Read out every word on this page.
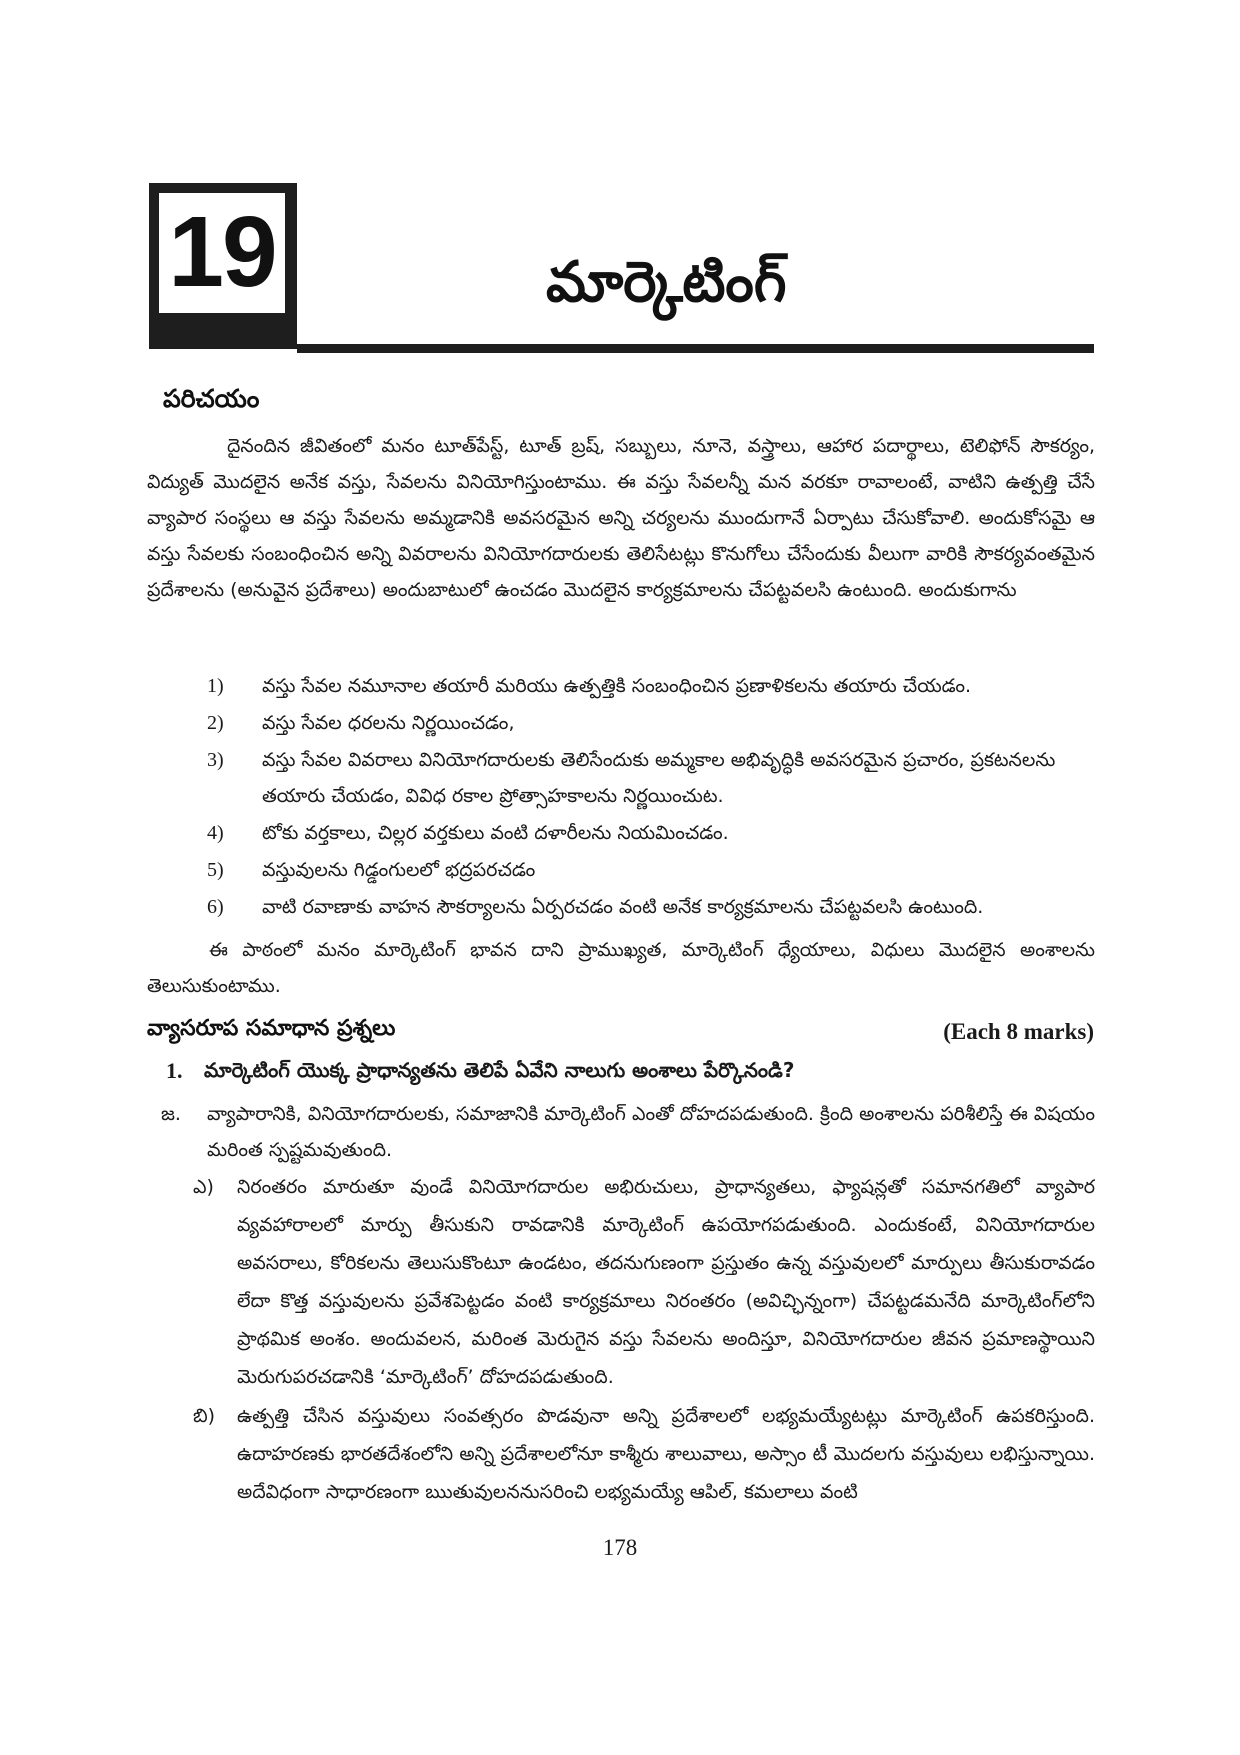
19	మార్కెటింగ్
పరిచయం

దైనందిన జీవితంలో మనం టూత్‌పేస్ట్, టూత్ బ్రష్, సబ్బులు, నూనె, వస్త్రాలు, ఆహార పదార్థాలు, టెలిఫోన్ సౌకర్యం, విద్యుత్ మొదలైన అనేక వస్తు, సేవలను వినియోగిస్తుంటాము. ఈ వస్తు సేవలన్నీ మన వరకూ రావాలంటే, వాటిని ఉత్పత్తి చేసే వ్యాపార సంస్థలు ఆ వస్తు సేవలను అమ్మడానికి అవసరమైన అన్ని చర్యలను ముందుగానే ఏర్పాటు చేసుకోవాలి. అందుకోసమై ఆ వస్తు సేవలకు సంబంధించిన అన్ని వివరాలను వినియోగదారులకు తెలిసేటట్లు కొనుగోలు చేసేందుకు వీలుగా వారికి సౌకర్యవంతమైన ప్రదేశాలను (అనువైన ప్రదేశాలు) అందుబాటులో ఉంచడం మొదలైన కార్యక్రమాలను చేపట్టవలసి ఉంటుంది. అందుకుగాను

1)	వస్తు సేవల నమూనాల తయారీ మరియు ఉత్పత్తికి సంబంధించిన ప్రణాళికలను తయారు చేయడం.
2)	వస్తు సేవల ధరలను నిర్ణయించడం,
3)	వస్తు సేవల వివరాలు వినియోగదారులకు తెలిసేందుకు అమ్మకాల అభివృద్ధికి అవసరమైన ప్రచారం, ప్రకటనలను తయారు చేయడం, వివిధ రకాల ప్రోత్సాహకాలను నిర్ణయించుట.
4)	టోకు వర్తకాలు, చిల్లర వర్తకులు వంటి దళారీలను నియమించడం.
5)	వస్తువులను గిడ్డంగులలో భద్రపరచడం
6)	వాటి రవాణాకు వాహన సౌకర్యాలను ఏర్పరచడం వంటి అనేక కార్యక్రమాలను చేపట్టవలసి ఉంటుంది.

ఈ పాఠంలో మనం మార్కెటింగ్ భావన దాని ప్రాముఖ్యత, మార్కెటింగ్ ధ్యేయాలు, విధులు మొదలైన అంశాలను తెలుసుకుంటాము.

వ్యాసరూప సమాధాన ప్రశ్నలు	(Each 8 marks)
1.	మార్కెటింగ్ యొక్క ప్రాధాన్యతను తెలిపే ఏవేని నాలుగు అంశాలు పేర్కొనండి?
జ.	వ్యాపారానికి, వినియోగదారులకు, సమాజానికి మార్కెటింగ్ ఎంతో దోహదపడుతుంది. క్రింది అంశాలను పరిశీలిస్తే ఈ విషయం మరింత స్పష్టమవుతుంది.
ఎ)	నిరంతరం మారుతూ వుండే వినియోగదారుల అభిరుచులు, ప్రాధాన్యతలు, ఫ్యాషన్లతో సమానగతిలో వ్యాపార వ్యవహారాలలో మార్పు తీసుకుని రావడానికి మార్కెటింగ్ ఉపయోగపడుతుంది. ఎందుకంటే, వినియోగదారుల అవసరాలు, కోరికలను తెలుసుకొంటూ ఉండటం, తదనుగుణంగా ప్రస్తుతం ఉన్న వస్తువులలో మార్పులు తీసుకురావడం లేదా కొత్త వస్తువులను ప్రవేశపెట్టడం వంటి కార్యక్రమాలు నిరంతరం (అవిచ్ఛిన్నంగా) చేపట్టడమనేది మార్కెటింగ్‌లోని ప్రాథమిక అంశం. అందువలన, మరింత మెరుగైన వస్తు సేవలను అందిస్తూ, వినియోగదారుల జీవన ప్రమాణస్థాయిని మెరుగుపరచడానికి ‘మార్కెటింగ్’ దోహదపడుతుంది.
బి)	ఉత్పత్తి చేసిన వస్తువులు సంవత్సరం పొడవునా అన్ని ప్రదేశాలలో లభ్యమయ్యేటట్లు మార్కెటింగ్ ఉపకరిస్తుంది. ఉదాహరణకు భారతదేశంలోని అన్ని ప్రదేశాలలోనూ కాశ్మీరు శాలువాలు, అస్సాం టీ మొదలగు వస్తువులు లభిస్తున్నాయి. అదేవిధంగా సాధారణంగా ఋతువులననుసరించి లభ్యమయ్యే ఆపిల్, కమలాలు వంటి
178
